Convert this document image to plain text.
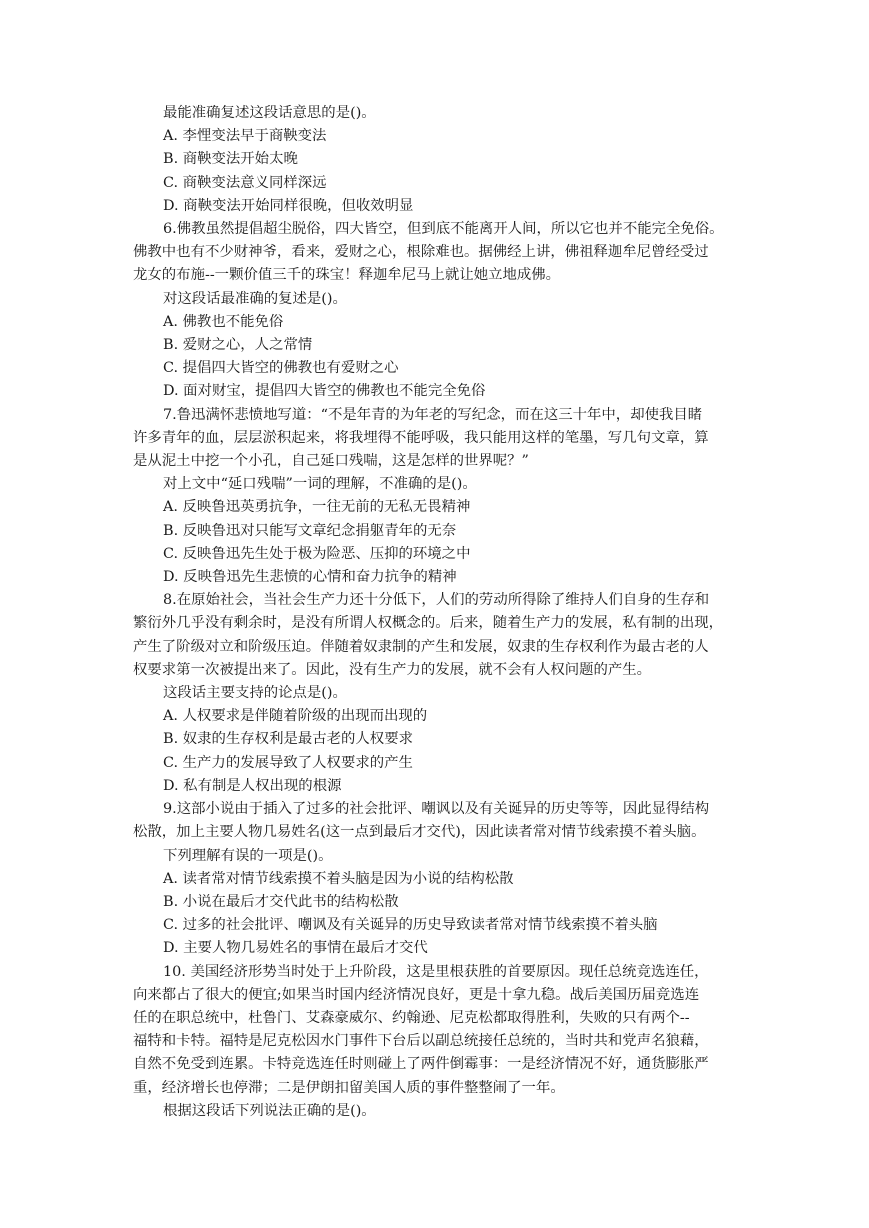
最能准确复述这段话意思的是()。

A. 李悝变法早于商鞅变法

B. 商鞅变法开始太晚

C. 商鞅变法意义同样深远

D. 商鞅变法开始同样很晚，但收效明显

6.佛教虽然提倡超尘脱俗，四大皆空，但到底不能离开人间，所以它也并不能完全免俗。
佛教中也有不少财神爷，看来，爱财之心，根除难也。据佛经上讲，佛祖释迦牟尼曾经受过
龙女的布施--一颗价值三千的珠宝！释迦牟尼马上就让她立地成佛。

对这段话最准确的复述是()。

A. 佛教也不能免俗

B. 爱财之心，人之常情

C. 提倡四大皆空的佛教也有爱财之心

D. 面对财宝，提倡四大皆空的佛教也不能完全免俗

7.鲁迅满怀悲愤地写道：“不是年青的为年老的写纪念，而在这三十年中，却使我目睹
许多青年的血，层层淤积起来，将我埋得不能呼吸，我只能用这样的笔墨，写几句文章，算
是从泥土中挖一个小孔，自己延口残喘，这是怎样的世界呢？”

对上文中“延口残喘”一词的理解，不准确的是()。

A. 反映鲁迅英勇抗争，一往无前的无私无畏精神

B. 反映鲁迅对只能写文章纪念捐躯青年的无奈

C. 反映鲁迅先生处于极为险恶、压抑的环境之中

D. 反映鲁迅先生悲愤的心情和奋力抗争的精神

8.在原始社会，当社会生产力还十分低下，人们的劳动所得除了维持人们自身的生存和
繁衍外几乎没有剩余时，是没有所谓人权概念的。后来，随着生产力的发展，私有制的出现，
产生了阶级对立和阶级压迫。伴随着奴隶制的产生和发展，奴隶的生存权利作为最古老的人
权要求第一次被提出来了。因此，没有生产力的发展，就不会有人权问题的产生。

这段话主要支持的论点是()。

A. 人权要求是伴随着阶级的出现而出现的

B. 奴隶的生存权利是最古老的人权要求

C. 生产力的发展导致了人权要求的产生

D. 私有制是人权出现的根源

9.这部小说由于插入了过多的社会批评、嘲讽以及有关诞异的历史等等，因此显得结构
松散，加上主要人物几易姓名(这一点到最后才交代)，因此读者常对情节线索摸不着头脑。

下列理解有误的一项是()。

A. 读者常对情节线索摸不着头脑是因为小说的结构松散

B. 小说在最后才交代此书的结构松散

C. 过多的社会批评、嘲讽及有关诞异的历史导致读者常对情节线索摸不着头脑

D. 主要人物几易姓名的事情在最后才交代

10. 美国经济形势当时处于上升阶段，这是里根获胜的首要原因。现任总统竞选连任，
向来都占了很大的便宜;如果当时国内经济情况良好，更是十拿九稳。战后美国历届竞选连
任的在职总统中，杜鲁门、艾森豪威尔、约翰逊、尼克松都取得胜利，失败的只有两个--
福特和卡特。福特是尼克松因水门事件下台后以副总统接任总统的，当时共和党声名狼藉，
自然不免受到连累。卡特竞选连任时则碰上了两件倒霉事：一是经济情况不好，通货膨胀严
重，经济增长也停滞；二是伊朗扣留美国人质的事件整整闹了一年。

根据这段话下列说法正确的是()。
